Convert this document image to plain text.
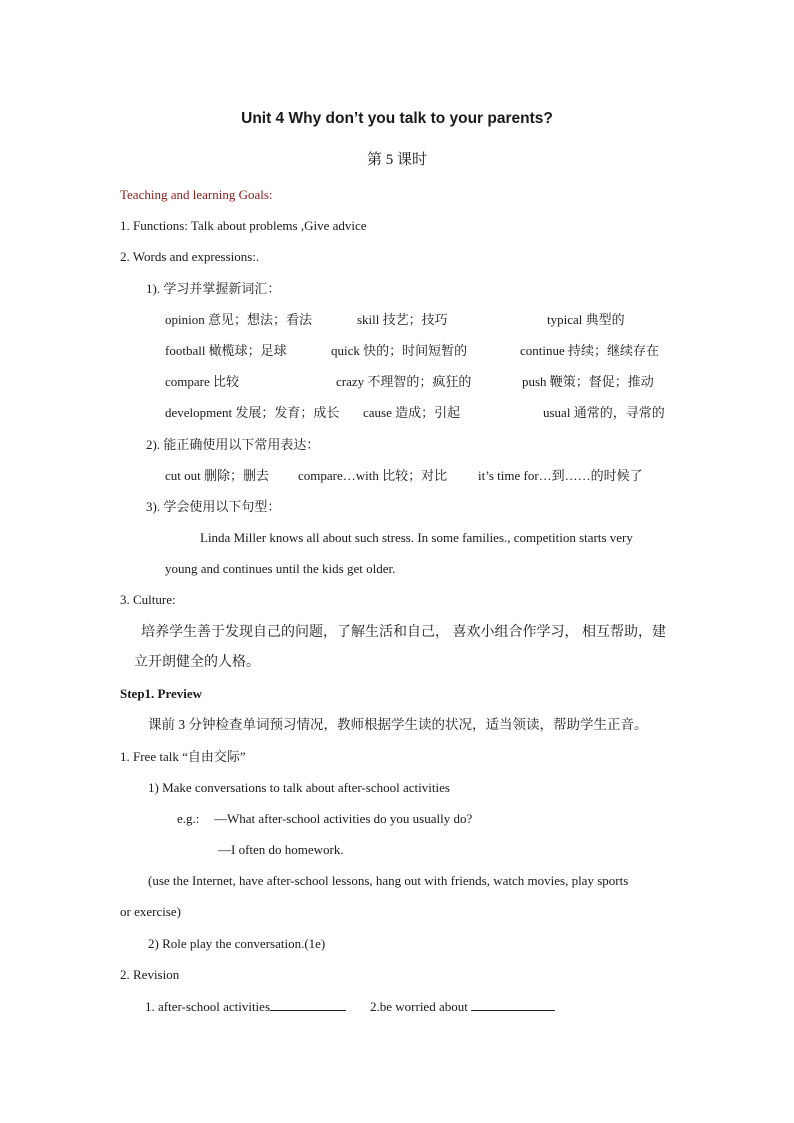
Unit 4 Why don’t you talk to your parents?
第 5 课时
Teaching and learning Goals:
1. Functions: Talk about problems ,Give advice
2. Words and expressions:.
1). 学习并掌握新词汇：
opinion 意见；想法；看法	skill 技艺；技巧	typical 典型的
football 橄榄球；足球	quick 快的；时间短暂的	continue 持续；继续存在
compare 比较	crazy 不理智的；疯狂的	push 鞭策；督促；推动
development 发展；发育；成长 cause 造成；引起	usual 通常的，寻常的
2). 能正确使用以下常用表达：
cut out 删除；删去 compare…with 比较；对比 it’s time for…到……的时候了
3). 学会使用以下句型：
Linda Miller knows all about such stress. In some families., competition starts very
young and continues until the kids get older.
3. Culture:
培养学生善于发现自己的问题，了解生活和自己， 喜欢小组合作学习， 相互帮助，建
立开朗健全的人格。
Step1. Preview
课前 3 分钟检查单词预习情况，教师根据学生读的状况，适当领读，帮助学生正音。
1. Free talk “自由交际”
1) Make conversations to talk about after-school activities
e.g.: —What after-school activities do you usually do?
—I often do homework.
(use the Internet, have after-school lessons, hang out with friends, watch movies, play sports
or exercise)
2) Role play the conversation.(1e)
2. Revision
1. after-school activities	2.be worried about
